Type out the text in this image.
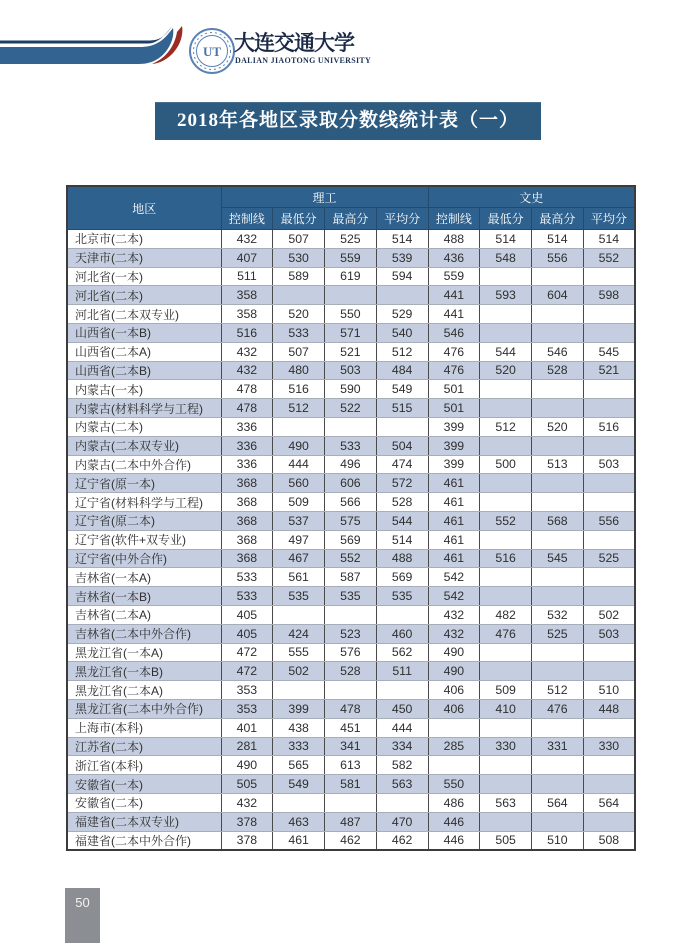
UT 大连交通大学
DALIAN JIAOTONG UNIVERSITY
2018年各地区录取分数线统计表（一）
地区	理工				文史			
	控制线	最低分	最高分	平均分	控制线	最低分	最高分	平均分
北京市(二本)	432	507	525	514	488	514	514	514
天津市(二本)	407	530	559	539	436	548	556	552
河北省(一本)	511	589	619	594	559			
河北省(二本)	358				441	593	604	598
河北省(二本双专业)	358	520	550	529	441			
山西省(一本B)	516	533	571	540	546			
山西省(二本A)	432	507	521	512	476	544	546	545
山西省(二本B)	432	480	503	484	476	520	528	521
内蒙古(一本)	478	516	590	549	501			
内蒙古(材料科学与工程)	478	512	522	515	501			
内蒙古(二本)	336				399	512	520	516
内蒙古(二本双专业)	336	490	533	504	399			
内蒙古(二本中外合作)	336	444	496	474	399	500	513	503
辽宁省(原一本)	368	560	606	572	461			
辽宁省(材料科学与工程)	368	509	566	528	461			
辽宁省(原二本)	368	537	575	544	461	552	568	556
辽宁省(软件+双专业)	368	497	569	514	461			
辽宁省(中外合作)	368	467	552	488	461	516	545	525
吉林省(一本A)	533	561	587	569	542			
吉林省(一本B)	533	535	535	535	542			
吉林省(二本A)	405				432	482	532	502
吉林省(二本中外合作)	405	424	523	460	432	476	525	503
黑龙江省(一本A)	472	555	576	562	490			
黑龙江省(一本B)	472	502	528	511	490			
黑龙江省(二本A)	353				406	509	512	510
黑龙江省(二本中外合作)	353	399	478	450	406	410	476	448
上海市(本科)	401	438	451	444				
江苏省(二本)	281	333	341	334	285	330	331	330
浙江省(本科)	490	565	613	582				
安徽省(一本)	505	549	581	563	550			
安徽省(二本)	432				486	563	564	564
福建省(二本双专业)	378	463	487	470	446			
福建省(二本中外合作)	378	461	462	462	446	505	510	508
50
